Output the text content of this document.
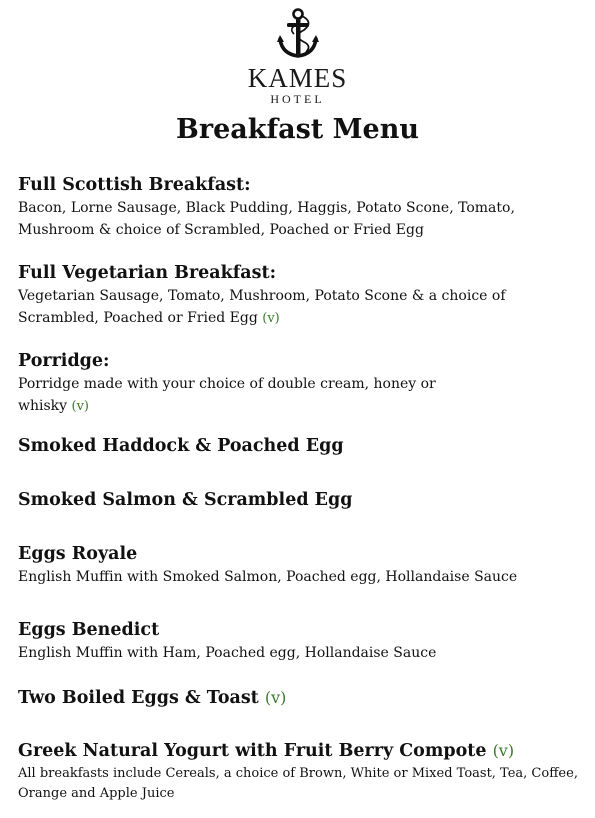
KAMES
HOTEL
Breakfast Menu
Full Scottish Breakfast:
Bacon, Lorne Sausage, Black Pudding, Haggis, Potato Scone, Tomato,
Mushroom & choice of Scrambled, Poached or Fried Egg
Full Vegetarian Breakfast:
Vegetarian Sausage, Tomato, Mushroom, Potato Scone & a choice of
Scrambled, Poached or Fried Egg (v)
Porridge:
Porridge made with your choice of double cream, honey or
whisky (v)
Smoked Haddock & Poached Egg
Smoked Salmon & Scrambled Egg
Eggs Royale
English Muffin with Smoked Salmon, Poached egg, Hollandaise Sauce
Eggs Benedict
English Muffin with Ham, Poached egg, Hollandaise Sauce
Two Boiled Eggs & Toast (v)
Greek Natural Yogurt with Fruit Berry Compote (v)
All breakfasts include Cereals, a choice of Brown, White or Mixed Toast, Tea, Coffee,
Orange and Apple Juice
